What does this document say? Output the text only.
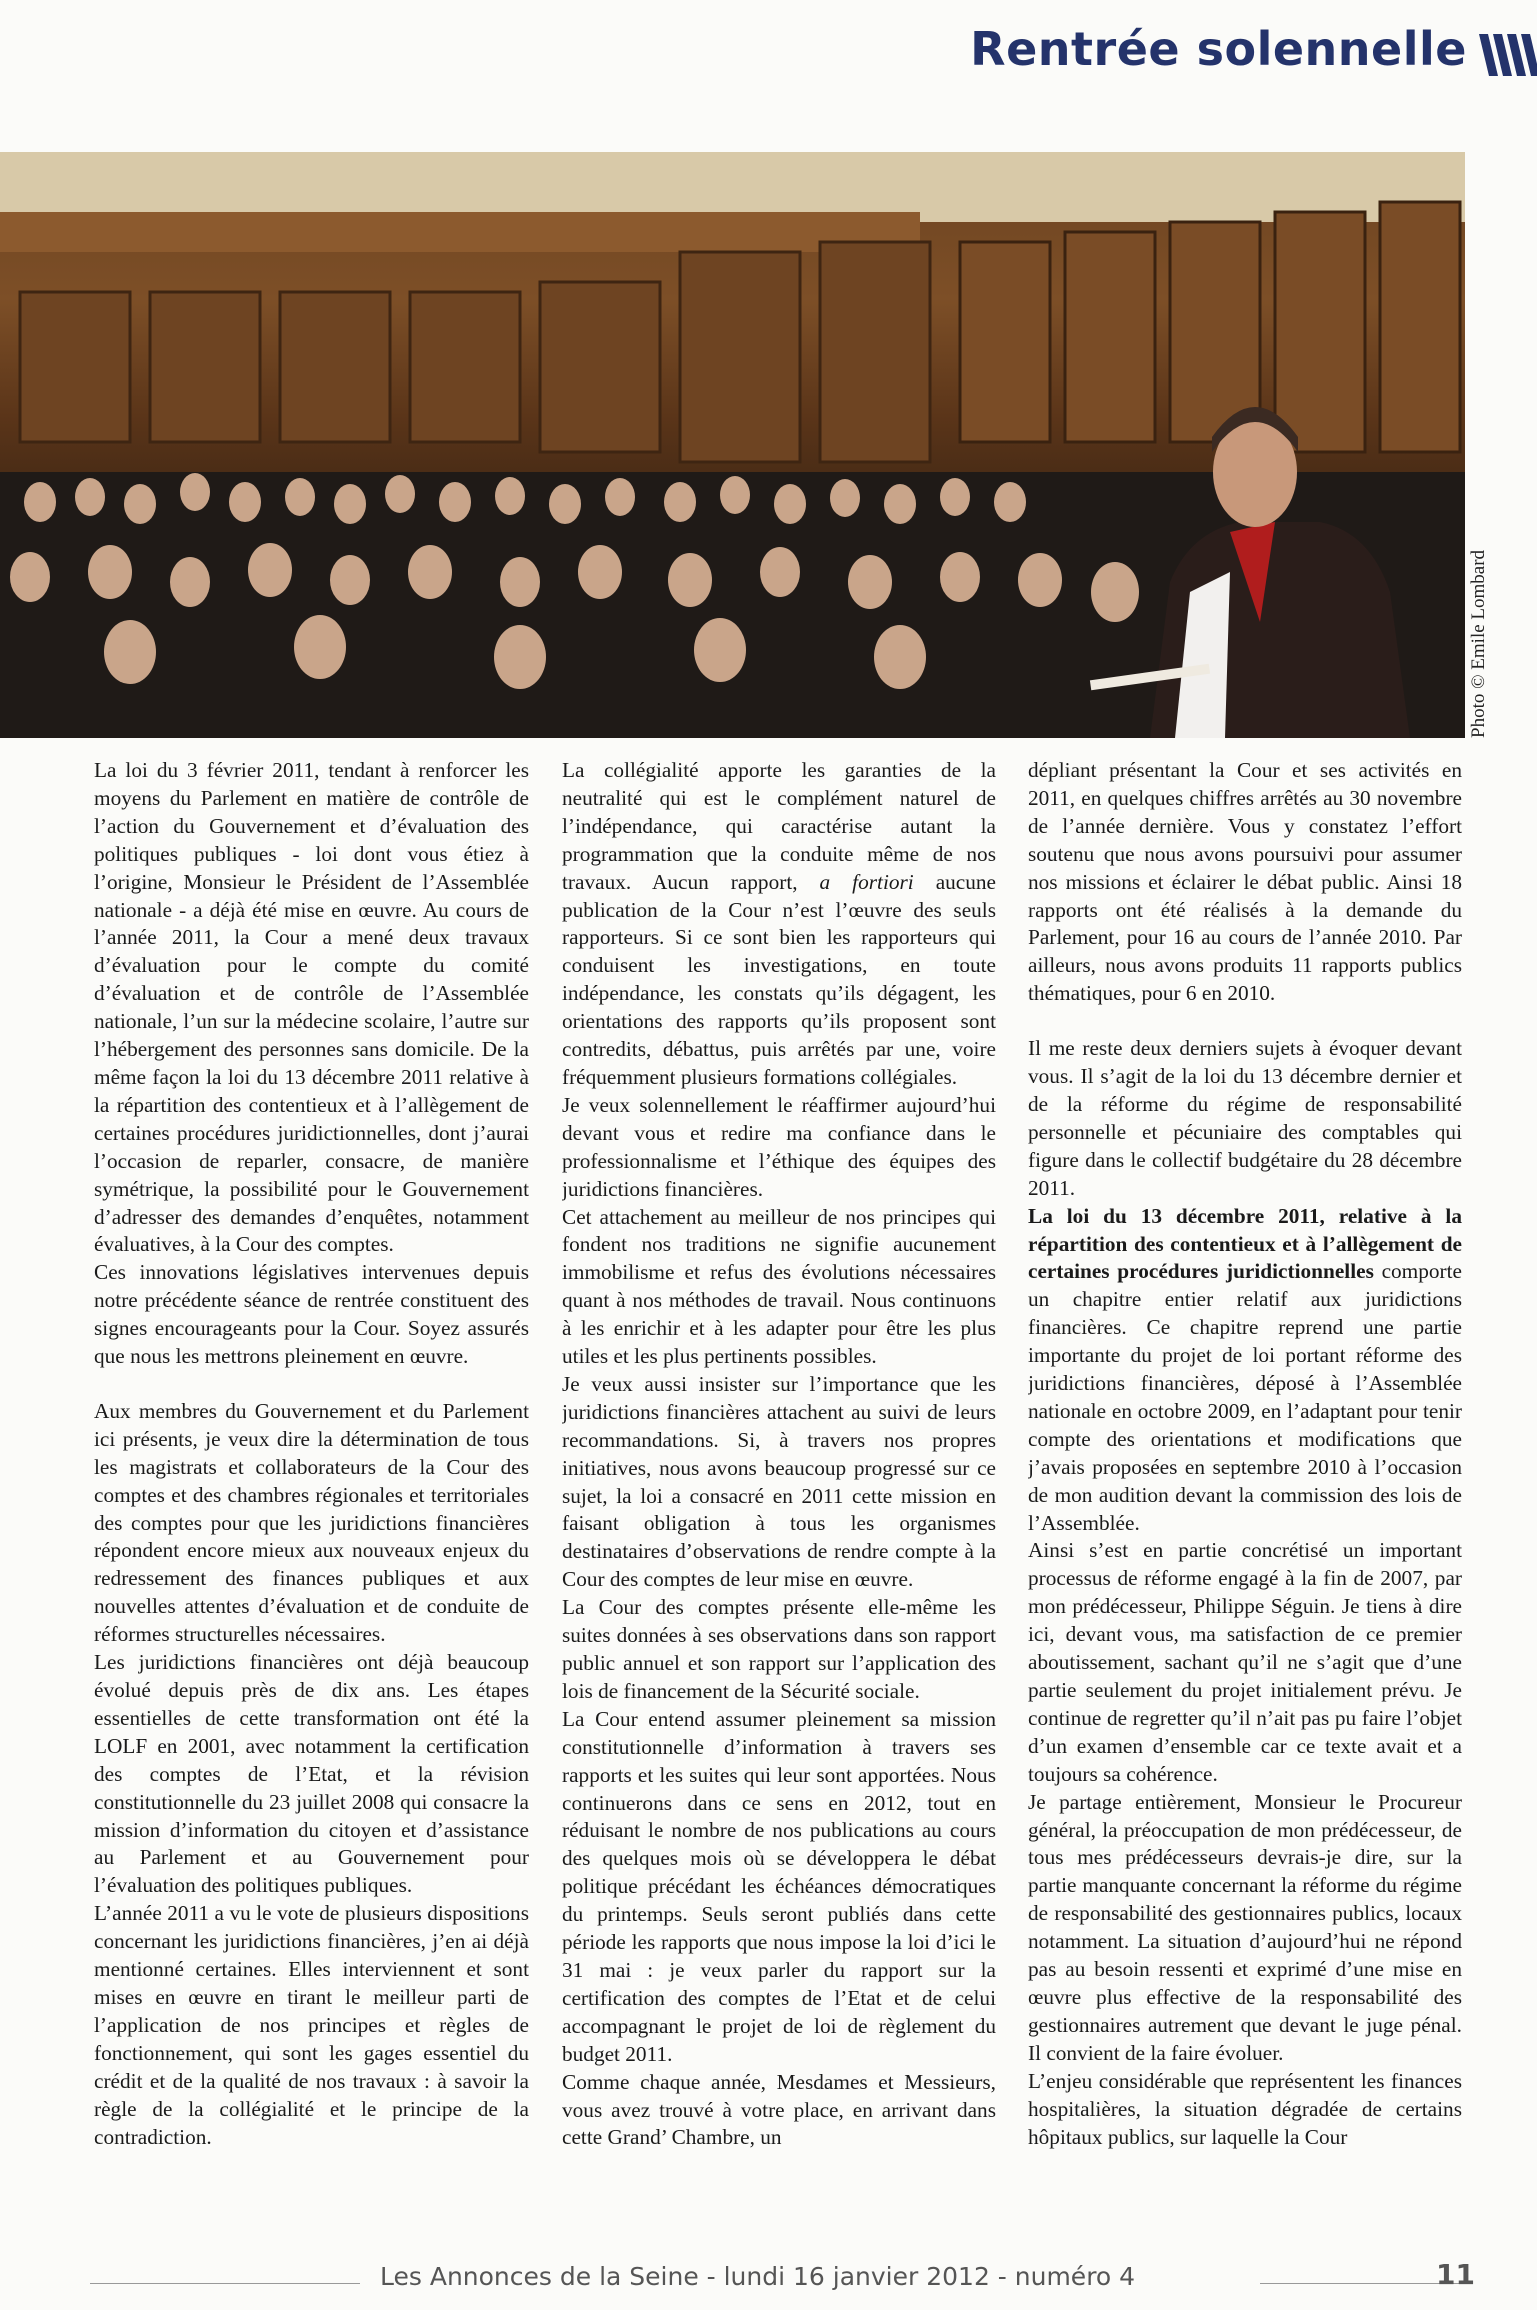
Rentrée solennelle

Photo © Emile Lombard

La loi du 3 février 2011, tendant à renforcer les moyens du Parlement en matière de contrôle de l’action du Gouvernement et d’évaluation des politiques publiques - loi dont vous étiez à l’origine, Monsieur le Président de l’Assemblée nationale - a déjà été mise en œuvre. Au cours de l’année 2011, la Cour a mené deux travaux d’évaluation pour le compte du comité d’évaluation et de contrôle de l’Assemblée nationale, l’un sur la médecine scolaire, l’autre sur l’hébergement des personnes sans domicile. De la même façon la loi du 13 décembre 2011 relative à la répartition des contentieux et à l’allègement de certaines procédures juridictionnelles, dont j’aurai l’occasion de reparler, consacre, de manière symétrique, la possibilité pour le Gouvernement d’adresser des demandes d’enquêtes, notamment évaluatives, à la Cour des comptes.

Ces innovations législatives intervenues depuis notre précédente séance de rentrée constituent des signes encourageants pour la Cour. Soyez assurés que nous les mettrons pleinement en œuvre.

Aux membres du Gouvernement et du Parlement ici présents, je veux dire la détermination de tous les magistrats et collaborateurs de la Cour des comptes et des chambres régionales et territoriales des comptes pour que les juridictions financières répondent encore mieux aux nouveaux enjeux du redressement des finances publiques et aux nouvelles attentes d’évaluation et de conduite de réformes structurelles nécessaires.

Les juridictions financières ont déjà beaucoup évolué depuis près de dix ans. Les étapes essentielles de cette transformation ont été la LOLF en 2001, avec notamment la certification des comptes de l’Etat, et la révision constitutionnelle du 23 juillet 2008 qui consacre la mission d’information du citoyen et d’assistance au Parlement et au Gouvernement pour l’évaluation des politiques publiques.

L’année 2011 a vu le vote de plusieurs dispositions concernant les juridictions financières, j’en ai déjà mentionné certaines. Elles interviennent et sont mises en œuvre en tirant le meilleur parti de l’application de nos principes et règles de fonctionnement, qui sont les gages essentiel du crédit et de la qualité de nos travaux : à savoir la règle de la collégialité et le principe de la contradiction.

La collégialité apporte les garanties de la neutralité qui est le complément naturel de l’indépendance, qui caractérise autant la programmation que la conduite même de nos travaux. Aucun rapport, a fortiori aucune publication de la Cour n’est l’œuvre des seuls rapporteurs. Si ce sont bien les rapporteurs qui conduisent les investigations, en toute indépendance, les constats qu’ils dégagent, les orientations des rapports qu’ils proposent sont contredits, débattus, puis arrêtés par une, voire fréquemment plusieurs formations collégiales.

Je veux solennellement le réaffirmer aujourd’hui devant vous et redire ma confiance dans le professionnalisme et l’éthique des équipes des juridictions financières.

Cet attachement au meilleur de nos principes qui fondent nos traditions ne signifie aucunement immobilisme et refus des évolutions nécessaires quant à nos méthodes de travail. Nous continuons à les enrichir et à les adapter pour être les plus utiles et les plus pertinents possibles.

Je veux aussi insister sur l’importance que les juridictions financières attachent au suivi de leurs recommandations. Si, à travers nos propres initiatives, nous avons beaucoup progressé sur ce sujet, la loi a consacré en 2011 cette mission en faisant obligation à tous les organismes destinataires d’observations de rendre compte à la Cour des comptes de leur mise en œuvre.

La Cour des comptes présente elle-même les suites données à ses observations dans son rapport public annuel et son rapport sur l’application des lois de financement de la Sécurité sociale.

La Cour entend assumer pleinement sa mission constitutionnelle d’information à travers ses rapports et les suites qui leur sont apportées. Nous continuerons dans ce sens en 2012, tout en réduisant le nombre de nos publications au cours des quelques mois où se développera le débat politique précédant les échéances démocratiques du printemps. Seuls seront publiés dans cette période les rapports que nous impose la loi d’ici le 31 mai : je veux parler du rapport sur la certification des comptes de l’Etat et de celui accompagnant le projet de loi de règlement du budget 2011.

Comme chaque année, Mesdames et Messieurs, vous avez trouvé à votre place, en arrivant dans cette Grand’ Chambre, un

dépliant présentant la Cour et ses activités en 2011, en quelques chiffres arrêtés au 30 novembre de l’année dernière. Vous y constatez l’effort soutenu que nous avons poursuivi pour assumer nos missions et éclairer le débat public. Ainsi 18 rapports ont été réalisés à la demande du Parlement, pour 16 au cours de l’année 2010. Par ailleurs, nous avons produits 11 rapports publics thématiques, pour 6 en 2010.

Il me reste deux derniers sujets à évoquer devant vous. Il s’agit de la loi du 13 décembre dernier et de la réforme du régime de responsabilité personnelle et pécuniaire des comptables qui figure dans le collectif budgétaire du 28 décembre 2011.

La loi du 13 décembre 2011, relative à la répartition des contentieux et à l’allègement de certaines procédures juridictionnelles comporte un chapitre entier relatif aux juridictions financières. Ce chapitre reprend une partie importante du projet de loi portant réforme des juridictions financières, déposé à l’Assemblée nationale en octobre 2009, en l’adaptant pour tenir compte des orientations et modifications que j’avais proposées en septembre 2010 à l’occasion de mon audition devant la commission des lois de l’Assemblée.

Ainsi s’est en partie concrétisé un important processus de réforme engagé à la fin de 2007, par mon prédécesseur, Philippe Séguin. Je tiens à dire ici, devant vous, ma satisfaction de ce premier aboutissement, sachant qu’il ne s’agit que d’une partie seulement du projet initialement prévu. Je continue de regretter qu’il n’ait pas pu faire l’objet d’un examen d’ensemble car ce texte avait et a toujours sa cohérence.

Je partage entièrement, Monsieur le Procureur général, la préoccupation de mon prédécesseur, de tous mes prédécesseurs devrais-je dire, sur la partie manquante concernant la réforme du régime de responsabilité des gestionnaires publics, locaux notamment. La situation d’aujourd’hui ne répond pas au besoin ressenti et exprimé d’une mise en œuvre plus effective de la responsabilité des gestionnaires autrement que devant le juge pénal. Il convient de la faire évoluer.

L’enjeu considérable que représentent les finances hospitalières, la situation dégradée de certains hôpitaux publics, sur laquelle la Cour

Les Annonces de la Seine - lundi 16 janvier 2012 - numéro 4	11
